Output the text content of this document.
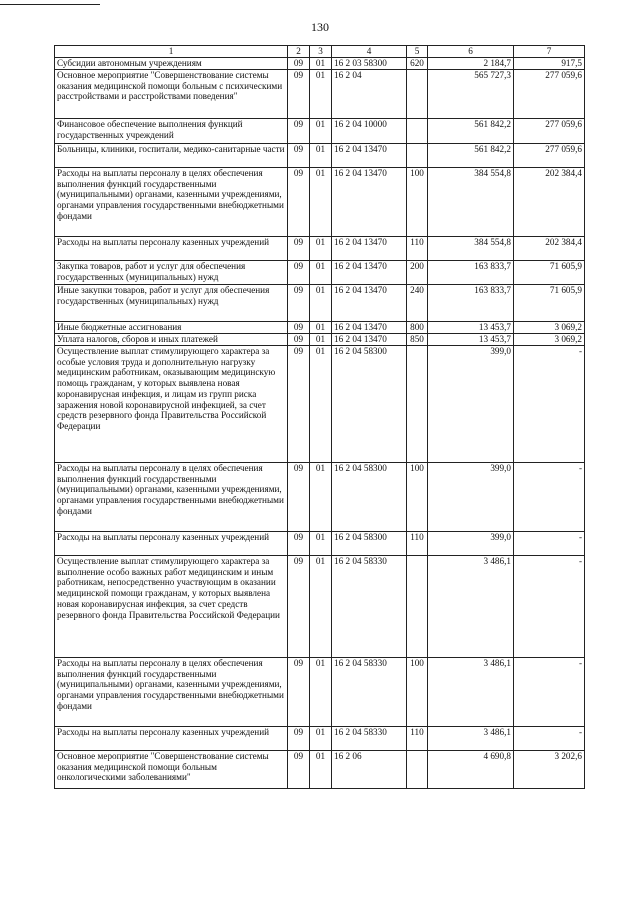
130
1	2	3	4	5	6	7
Субсидии автономным учреждениям	09	01	16 2 03 58300	620	2 184,7	917,5
Основное мероприятие "Совершенствование системы оказания медицинской помощи больным с психическими расстройствами и расстройствами поведения"	09	01	16 2 04		565 727,3	277 059,6
Финансовое обеспечение выполнения функций государственных учреждений	09	01	16 2 04 10000		561 842,2	277 059,6
Больницы, клиники, госпитали, медико-санитарные части	09	01	16 2 04 13470		561 842,2	277 059,6
Расходы на выплаты персоналу в целях обеспечения выполнения функций государственными (муниципальными) органами, казенными учреждениями, органами управления государственными внебюджетными фондами	09	01	16 2 04 13470	100	384 554,8	202 384,4
Расходы на выплаты персоналу казенных учреждений	09	01	16 2 04 13470	110	384 554,8	202 384,4
Закупка товаров, работ и услуг для обеспечения государственных (муниципальных) нужд	09	01	16 2 04 13470	200	163 833,7	71 605,9
Иные закупки товаров, работ и услуг для обеспечения государственных (муниципальных) нужд	09	01	16 2 04 13470	240	163 833,7	71 605,9
Иные бюджетные ассигнования	09	01	16 2 04 13470	800	13 453,7	3 069,2
Уплата налогов, сборов и иных платежей	09	01	16 2 04 13470	850	13 453,7	3 069,2
Осуществление выплат стимулирующего характера за особые условия труда и дополнительную нагрузку медицинским работникам, оказывающим медицинскую помощь гражданам, у которых выявлена новая коронавирусная инфекция, и лицам из групп риска заражения новой коронавирусной инфекцией, за счет средств резервного фонда Правительства Российской Федерации	09	01	16 2 04 58300		399,0	-
Расходы на выплаты персоналу в целях обеспечения выполнения функций государственными (муниципальными) органами, казенными учреждениями, органами управления государственными внебюджетными фондами	09	01	16 2 04 58300	100	399,0	-
Расходы на выплаты персоналу казенных учреждений	09	01	16 2 04 58300	110	399,0	-
Осуществление выплат стимулирующего характера за выполнение особо важных работ медицинским и иным работникам, непосредственно участвующим в оказании медицинской помощи гражданам, у которых выявлена новая коронавирусная инфекция, за счет средств резервного фонда Правительства Российской Федерации	09	01	16 2 04 58330		3 486,1	-
Расходы на выплаты персоналу в целях обеспечения выполнения функций государственными (муниципальными) органами, казенными учреждениями, органами управления государственными внебюджетными фондами	09	01	16 2 04 58330	100	3 486,1	-
Расходы на выплаты персоналу казенных учреждений	09	01	16 2 04 58330	110	3 486,1	-
Основное мероприятие "Совершенствование системы оказания медицинской помощи больным онкологическими заболеваниями"	09	01	16 2 06		4 690,8	3 202,6
